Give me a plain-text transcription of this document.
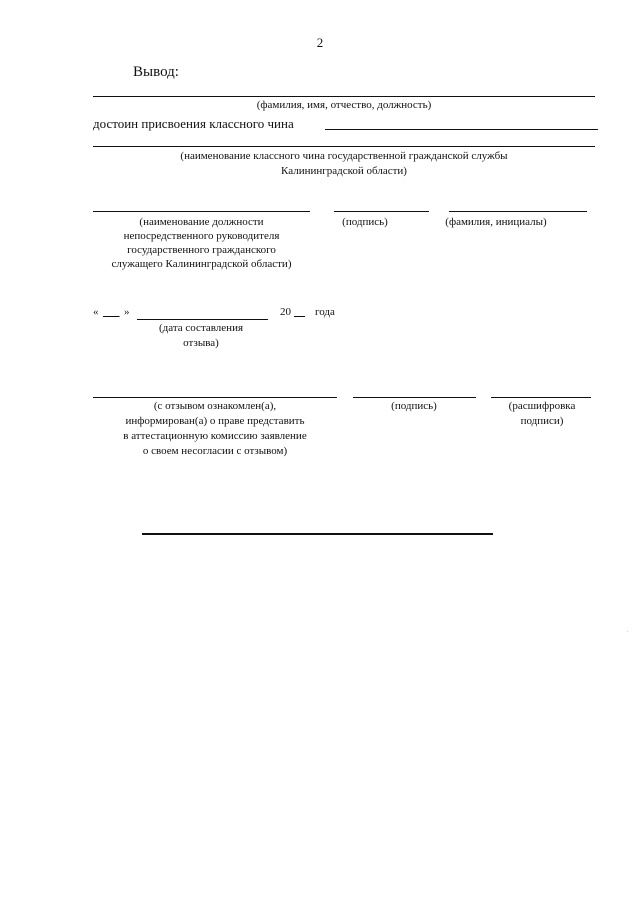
2
Вывод:
(фамилия, имя, отчество, должность)
достоин присвоения классного чина
(наименование классного чина государственной гражданской службы
Калининградской области)
(наименование должности
непосредственного руководителя
государственного гражданского
служащего Калининградской области)
(подпись)	(фамилия, инициалы)
« ___ »	20 __ года
(дата составления
отзыва)
(с отзывом ознакомлен(а),
информирован(а) о праве представить
в аттестационную комиссию заявление
о своем несогласии с отзывом)
(подпись)	(расшифровка
подписи)
.
